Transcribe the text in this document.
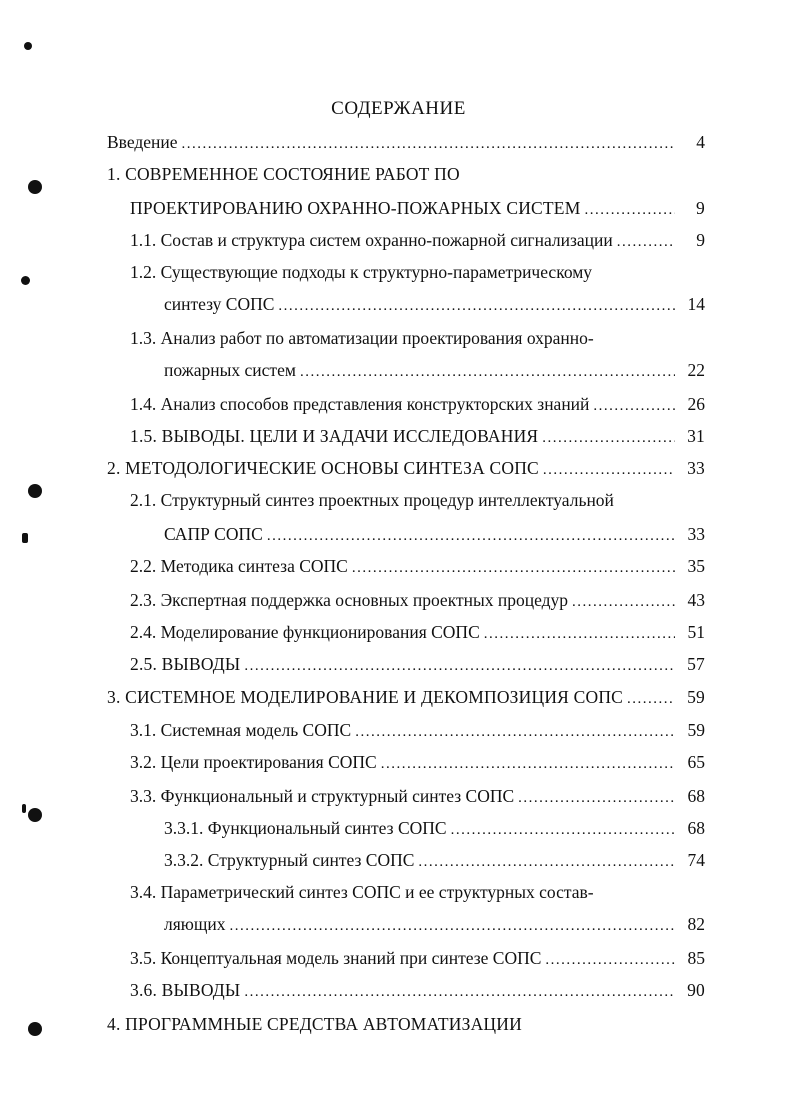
СОДЕРЖАНИЕ
Введение .....	4
1. СОВРЕМЕННОЕ СОСТОЯНИЕ РАБОТ ПО
ПРОЕКТИРОВАНИЮ ОХРАННО-ПОЖАРНЫХ СИСТЕМ .....	9
1.1. Состав и структура систем охранно-пожарной сигнализации .....	9
1.2. Существующие подходы к структурно-параметрическому
синтезу СОПС .....	14
1.3. Анализ работ по автоматизации проектирования охранно-
пожарных систем .....	22
1.4. Анализ способов представления конструкторских знаний .....	26
1.5. ВЫВОДЫ. ЦЕЛИ И ЗАДАЧИ ИССЛЕДОВАНИЯ .....	31
2. МЕТОДОЛОГИЧЕСКИЕ ОСНОВЫ СИНТЕЗА СОПС .....	33
2.1. Структурный синтез проектных процедур интеллектуальной
САПР СОПС .....	33
2.2. Методика синтеза СОПС .....	35
2.3. Экспертная поддержка основных проектных процедур .....	43
2.4. Моделирование функционирования СОПС .....	51
2.5. ВЫВОДЫ .....	57
3. СИСТЕМНОЕ МОДЕЛИРОВАНИЕ И ДЕКОМПОЗИЦИЯ СОПС .....	59
3.1. Системная модель СОПС .....	59
3.2. Цели проектирования СОПС .....	65
3.3. Функциональный и структурный синтез СОПС .....	68
3.3.1. Функциональный синтез СОПС .....	68
3.3.2. Структурный синтез СОПС .....	74
3.4. Параметрический синтез СОПС и ее структурных состав-
ляющих .....	82
3.5. Концептуальная модель знаний при синтезе СОПС .....	85
3.6. ВЫВОДЫ .....	90
4. ПРОГРАММНЫЕ СРЕДСТВА АВТОМАТИЗАЦИИ
